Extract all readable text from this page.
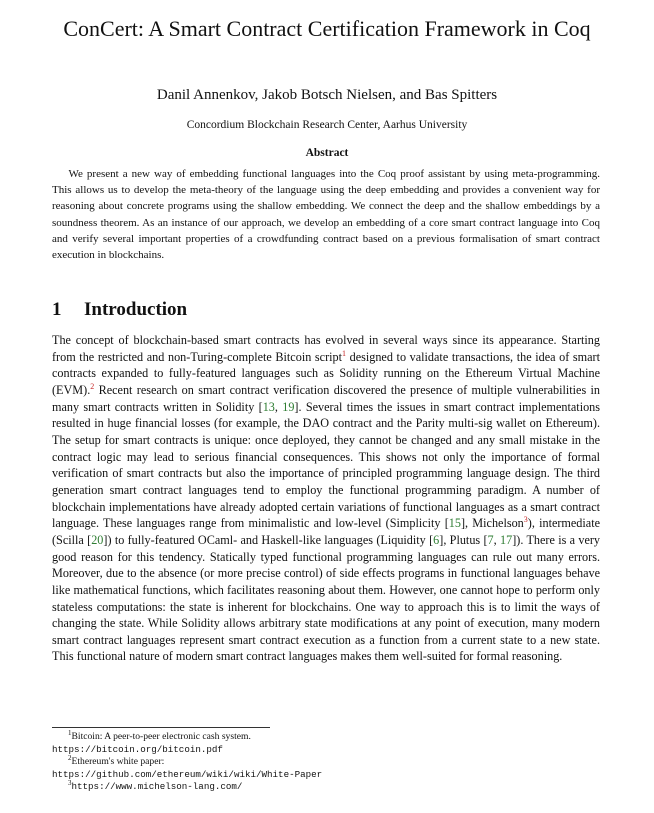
ConCert: A Smart Contract Certification Framework in Coq

Danil Annenkov, Jakob Botsch Nielsen, and Bas Spitters

Concordium Blockchain Research Center, Aarhus University

Abstract

We present a new way of embedding functional languages into the Coq proof assistant by using meta-programming. This allows us to develop the meta-theory of the language using the deep embedding and provides a convenient way for reasoning about concrete programs using the shallow embedding. We connect the deep and the shallow embeddings by a soundness theorem. As an instance of our approach, we develop an embedding of a core smart contract language into Coq and verify several important properties of a crowdfunding contract based on a previous formalisation of smart contract execution in blockchains.

1 Introduction

The concept of blockchain-based smart contracts has evolved in several ways since its appearance. Starting from the restricted and non-Turing-complete Bitcoin script$^1$ designed to validate transactions, the idea of smart contracts expanded to fully-featured languages such as Solidity running on the Ethereum Virtual Machine (EVM).$^2$ Recent research on smart contract verification discovered the presence of multiple vulnerabilities in many smart contracts written in Solidity [13, 19]. Several times the issues in smart contract implementations resulted in huge financial losses (for example, the DAO contract and the Parity multi-sig wallet on Ethereum). The setup for smart contracts is unique: once deployed, they cannot be changed and any small mistake in the contract logic may lead to serious financial consequences. This shows not only the importance of formal verification of smart contracts but also the importance of principled programming language design. The third generation smart contract languages tend to employ the functional programming paradigm. A number of blockchain implementations have already adopted certain variations of functional languages as a smart contract language. These languages range from minimalistic and low-level (Simplicity [15], Michelson$^3$), intermediate (Scilla [20]) to fully-featured OCaml- and Haskell-like languages (Liquidity [6], Plutus [7, 17]). There is a very good reason for this tendency. Statically typed functional programming languages can rule out many errors. Moreover, due to the absence (or more precise control) of side effects programs in functional languages behave like mathematical functions, which facilitates reasoning about them. However, one cannot hope to perform only stateless computations: the state is inherent for blockchains. One way to approach this is to limit the ways of changing the state. While Solidity allows arbitrary state modifications at any point of execution, many modern smart contract languages represent smart contract execution as a function from a current state to a new state. This functional nature of modern smart contract languages makes them well-suited for formal reasoning.

$^1$Bitcoin: A peer-to-peer electronic cash system.

https://bitcoin.org/bitcoin.pdf

$^2$Ethereum's white paper:

https://github.com/ethereum/wiki/wiki/White-Paper

$^3$https://www.michelson-lang.com/
